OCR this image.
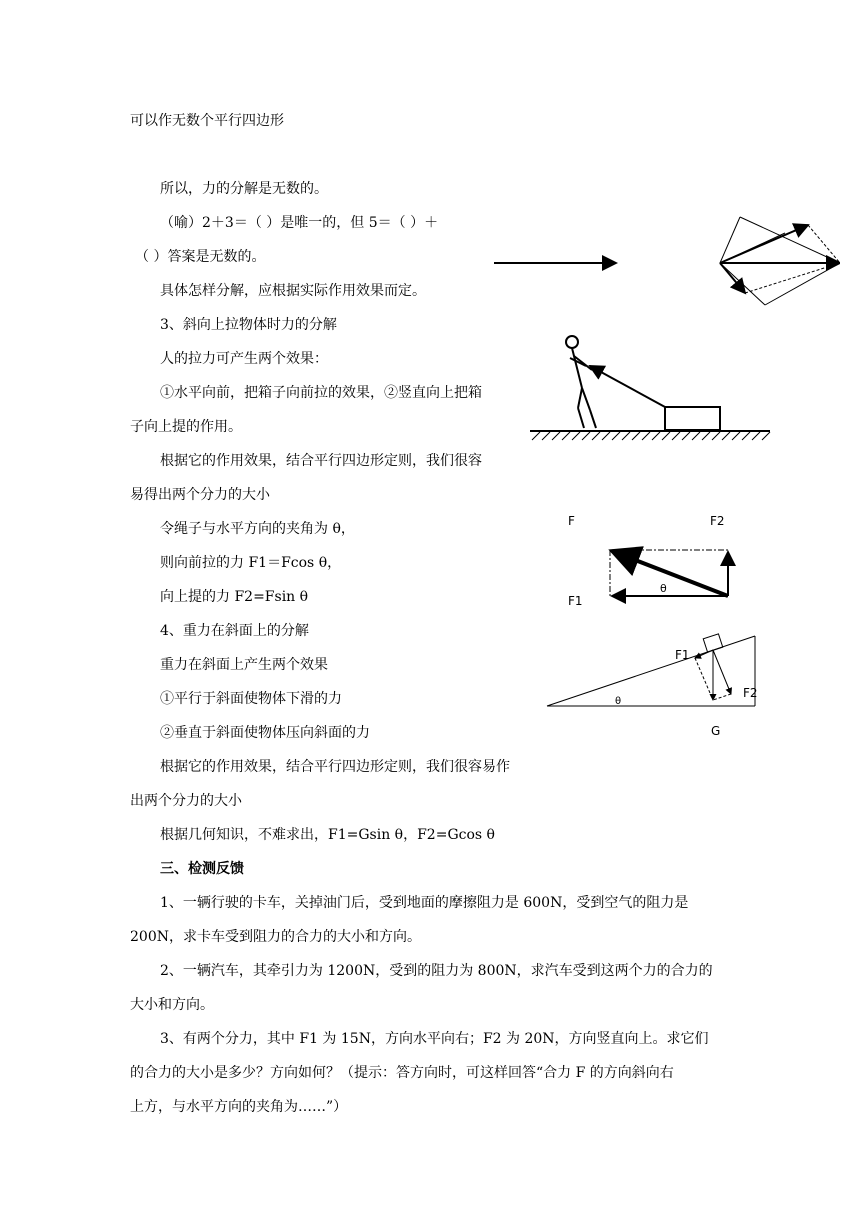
可以作无数个平行四边形
所以，力的分解是无数的。
（喻）2＋3＝（ ）是唯一的，但 5＝（ ）＋
（ ）答案是无数的。
具体怎样分解，应根据实际作用效果而定。
3、斜向上拉物体时力的分解
人的拉力可产生两个效果：
①水平向前，把箱子向前拉的效果，②竖直向上把箱
子向上提的作用。
根据它的作用效果，结合平行四边形定则，我们很容
易得出两个分力的大小
令绳子与水平方向的夹角为 θ，
则向前拉的力 F1＝Fcos θ，
向上提的力 F2=Fsin θ
4、重力在斜面上的分解
重力在斜面上产生两个效果
①平行于斜面使物体下滑的力
②垂直于斜面使物体压向斜面的力
根据它的作用效果，结合平行四边形定则，我们很容易作
出两个分力的大小
根据几何知识，不难求出，F1=Gsin θ，F2=Gcos θ
三、检测反馈
1、一辆行驶的卡车，关掉油门后，受到地面的摩擦阻力是 600N，受到空气的阻力是
200N，求卡车受到阻力的合力的大小和方向。
2、一辆汽车，其牵引力为 1200N，受到的阻力为 800N，求汽车受到这两个力的合力的
大小和方向。
3、有两个分力，其中 F1 为 15N，方向水平向右；F2 为 20N，方向竖直向上。求它们
的合力的大小是多少？方向如何？（提示：答方向时，可这样回答“合力 F 的方向斜向右
上方，与水平方向的夹角为……”）
F	F2
F1
θ
θ
F1
F2
G
